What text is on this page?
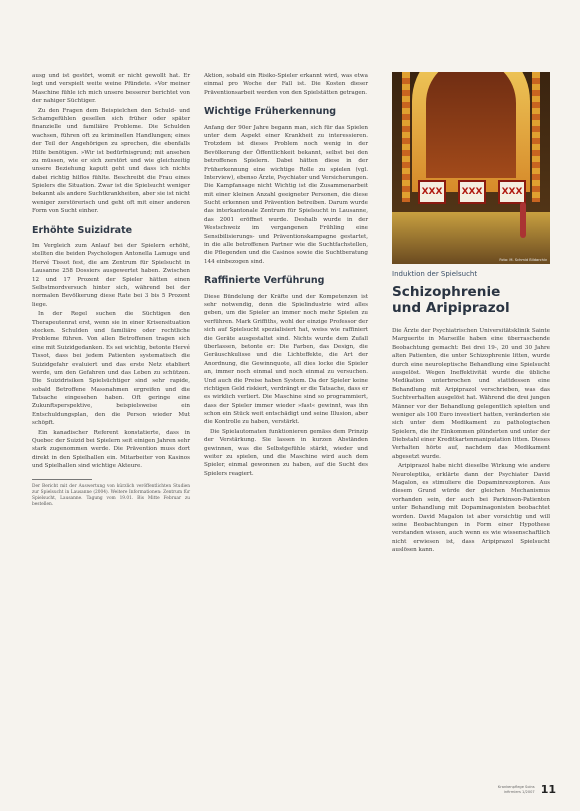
ausg und ist gestört, womit er nicht gewollt hat. Er legt und verspielt weite weine Pfündete. »Vor meiner Maschine fühle ich mich unsere besserer berichtet von der nahiger Süchtiger.

Zu den Fragen dem Beispielchen den Schuld- und Schamgefühlen gesellen sich früher oder später finanzielle und familiäre Probleme. Die Schulden wachsen, führen oft zu kriminellen Handlungen; eines der Teil der Angehörigen zu sprechen, die ebenfalls Hilfe benötigen. »Wir ist bedürfnisgrund; mit ansehen zu müssen, wie er sich zerstört und wie gleichzeitig unsere Beziehung kaputt geht und dass ich nichts dabei richtig hilflos fühlte. Beschreibt die Frau eines Spielers die Situation. Zwar ist die Spielsucht weniger bekannt als andere Suchtkrankheiten, aber sie ist nicht weniger zerstörerisch und geht oft mit einer anderen Form von Sucht einher.

Erhöhte Suizidrate

Im Vergleich zum Anlauf bei der Spielern erhöht, stellten die beiden Psychologen Antonella Lamuge und Hervé Tissot fest, die am Zentrum für Spielsucht in Lausanne 258 Dossiers ausgewertet haben. Zwischen 12 und 17 Prozent der Spieler hätten einen Selbstmordversuch hinter sich, während bei der normalen Bevölkerung diese Rate bei 3 bis 5 Prozent liege.

In der Regel suchen die Süchtigen den Therapeutenrat erst, wenn sie in einer Krisensituation stecken. Schulden und familiäre oder rechtliche Probleme führen. Von allen Betroffenen tragen sich eine mit Suizidgedanken. Es sei wichtig, betonte Hervé Tissot, dass bei jedem Patienten systematisch die Suizidgefahr evaluiert und das erste Netz etabliert werde, um den Gefahren und das Leben zu schützen. Die Suizidrisiken Spielsüchtiger sind sehr rapide, sobald Betroffene Massnahmen ergreifen und die Tatsache eingesehen haben. Oft geringe eine Zukunftsperspektive, beispielsweise ein Entschuldungsplan, den die Person wieder Mut schöpft.

Ein kanadischer Referent konstatierte, dass in Quebec der Suizid bei Spielern seit einigen Jahren sehr stark zugenommen werde. Die Prävention muss dort direkt in den Spielhallen ein. Mitarbeiter von Kasinos und Spielhallen sind wichtige Akteure.

Der Bericht mit der Auswertung von kürzlich veröffentlichten Studien zur Spielsucht in Lausanne (2004). Weitere Informationen: Zentrum für Spielsucht, Lausanne. Tagung vom 19.01. Bis Mitte Februar zu bestellen.

Aktion, sobald ein Risiko-Spieler erkannt wird, was etwa einmal pro Woche der Fall ist. Die Kosten dieser Präventionsarbeit werden von den Spielstätten getragen.

Wichtige Früherkennung

Anfang der 90er Jahre begann man, sich für das Spielen unter dem Aspekt einer Krankheit zu interessieren. Trotzdem ist dieses Problem noch wenig in der Bevölkerung der Öffentlichkeit bekannt, selbst bei den betroffenen Spielern. Dabei hätten diese in der Früherkennung eine wichtige Rolle zu spielen (vgl. Interview), ebenso Ärzte, Psychiater und Versicherungen. Die Kampfansage nicht Wichtig ist die Zusammenarbeit mit einer kleinen Anzahl geeigneter Personen, die diese Sucht erkennen und Prävention betreiben. Darum wurde das interkantonale Zentrum für Spielsucht in Lausanne, das 2001 eröffnet wurde. Deshalb wurde in der Westschweiz im vergangenen Frühling eine Sensibilisierungs- und Präventionskampagne gestartet, in die alle betroffenen Partner wie die Suchtfachstellen, die Pflegenden und die Casinos sowie die Suchtberatung 144 einbezogen sind.

Raffinierte Verführung

Diese Bündelung der Kräfte und der Kompetenzen ist sehr notwendig, denn die Spielindustrie wird alles geben, um die Spieler an immer noch mehr Spielen zu verführen. Mark Griffiths, wohl der einzige Professor der sich auf Spielsucht spezialisiert hat, weiss wie raffiniert die Geräte ausgestaltet sind. Nichts wurde dem Zufall überlassen, betonte er: Die Farben, das Design, die Geräuschkulisse und die Lichteffekte, die Art der Anordnung, die Gewinnquote, all dies locke die Spieler an, immer noch einmal und noch einmal zu versuchen. Und auch die Preise haben System. Da der Spieler keine richtigen Geld riskiert, verdrängt er die Tatsache, dass er es wirklich verliert. Die Maschine sind so programmiert, dass der Spieler immer wieder »fast« gewinnt, was ihn schon ein Stück weit entschädigt und seine Illusion, aber die Kontrolle zu haben, verstärkt.

Die Spielautomaten funktionieren gemäss dem Prinzip der Verstärkung. Sie lassen in kurzen Abständen gewinnen, was die Selbstgefühle stärkt, wieder und weiter zu spielen, und die Maschine wird auch dem Spieler, einmal gewonnen zu haben, auf die Sucht des Spielers reagiert.

XXX XXX XXX
Foto: M. Schmid Bildarchiv
Induktion der Spielsucht
Schizophrenie
und Aripiprazol

Die Ärzte der Psychiatrischen Universitätsklinik Sainte Marguerite in Marseille haben eine überraschende Beobachtung gemacht: Bei drei 19-, 20 und 30 Jahre alten Patienten, die unter Schizophrenie litten, wurde durch eine neuroleptische Behandlung eine Spielsucht ausgelöst. Wegen Ineffektivität wurde die übliche Medikation unterbrochen und stattdessen eine Behandlung mit Aripiprazol verschrieben, was das Suchtverhalten ausgelöst hat. Während die drei jungen Männer vor der Behandlung gelegentlich spielten und weniger als 100 Euro investiert hatten, veränderten sie sich unter dem Medikament zu pathologischen Spielern, die ihr Einkommen plünderten und unter der Diebstahl einer Kreditkartenmanipulation litten. Dieses Verhalten hörte auf, nachdem das Medikament abgesetzt wurde.

Aripiprazol habe nicht dieselbe Wirkung wie andere Neuroleptika, erklärte dann der Psychiater David Magalon, es stimuliere die Dopaminrezeptoren. Aus diesem Grund würde der gleichen Mechanismus vorhanden sein, der auch bei Parkinson-Patienten unter Behandlung mit Dopaminagonisten beobachtet worden. David Magalon ist aber vorsichtig und will seine Beobachtungen in Form einer Hypothese verstanden wissen, auch wenn es wie wissenschaftlich nicht erwiesen ist, dass Aripiprazol Spielsucht auslösen kann.

Krankenpflege Soins
infirmiers 1/2007 11
